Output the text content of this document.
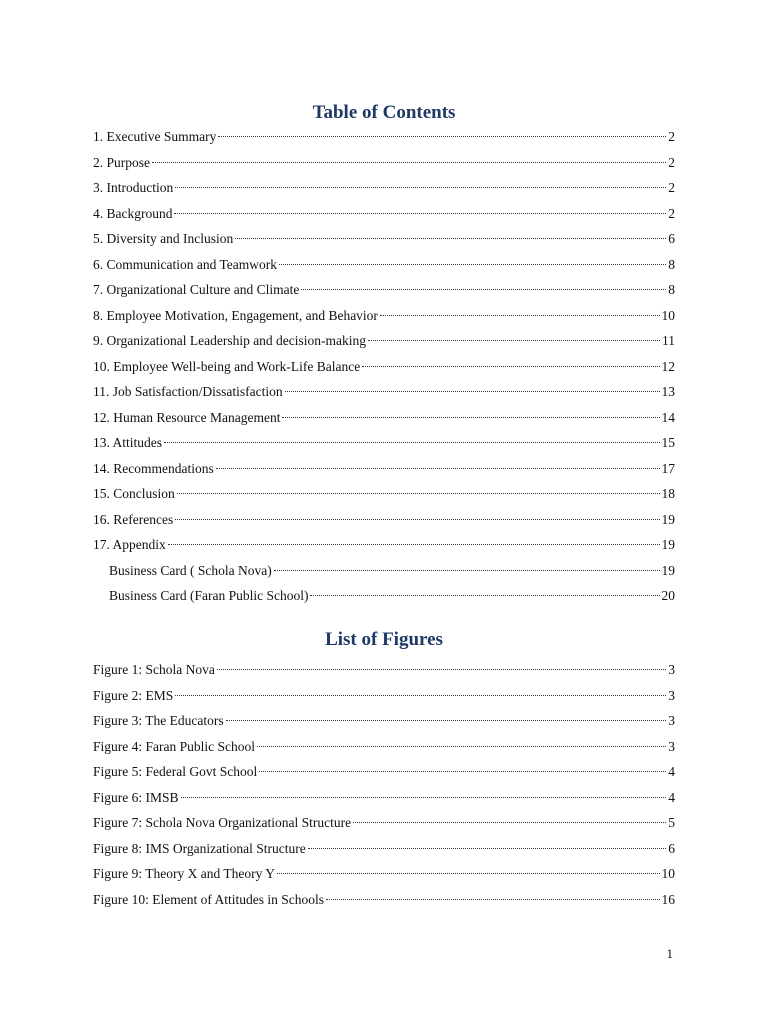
Table of Contents
1. Executive Summary	2
2. Purpose	2
3. Introduction	2
4. Background	2
5. Diversity and Inclusion	6
6. Communication and Teamwork	8
7. Organizational Culture and Climate	8
8. Employee Motivation, Engagement, and Behavior	10
9. Organizational Leadership and decision-making	11
10. Employee Well-being and Work-Life Balance	12
11. Job Satisfaction/Dissatisfaction	13
12. Human Resource Management	14
13. Attitudes	15
14. Recommendations	17
15. Conclusion	18
16. References	19
17. Appendix	19
Business Card ( Schola Nova)	19
Business Card (Faran Public School)	20
List of Figures
Figure 1: Schola Nova	3
Figure 2: EMS	3
Figure 3: The Educators	3
Figure 4: Faran Public School	3
Figure 5: Federal Govt School	4
Figure 6: IMSB	4
Figure 7: Schola Nova Organizational Structure	5
Figure 8: IMS Organizational Structure	6
Figure 9: Theory X and Theory Y	10
Figure 10: Element of Attitudes in Schools	16
1
